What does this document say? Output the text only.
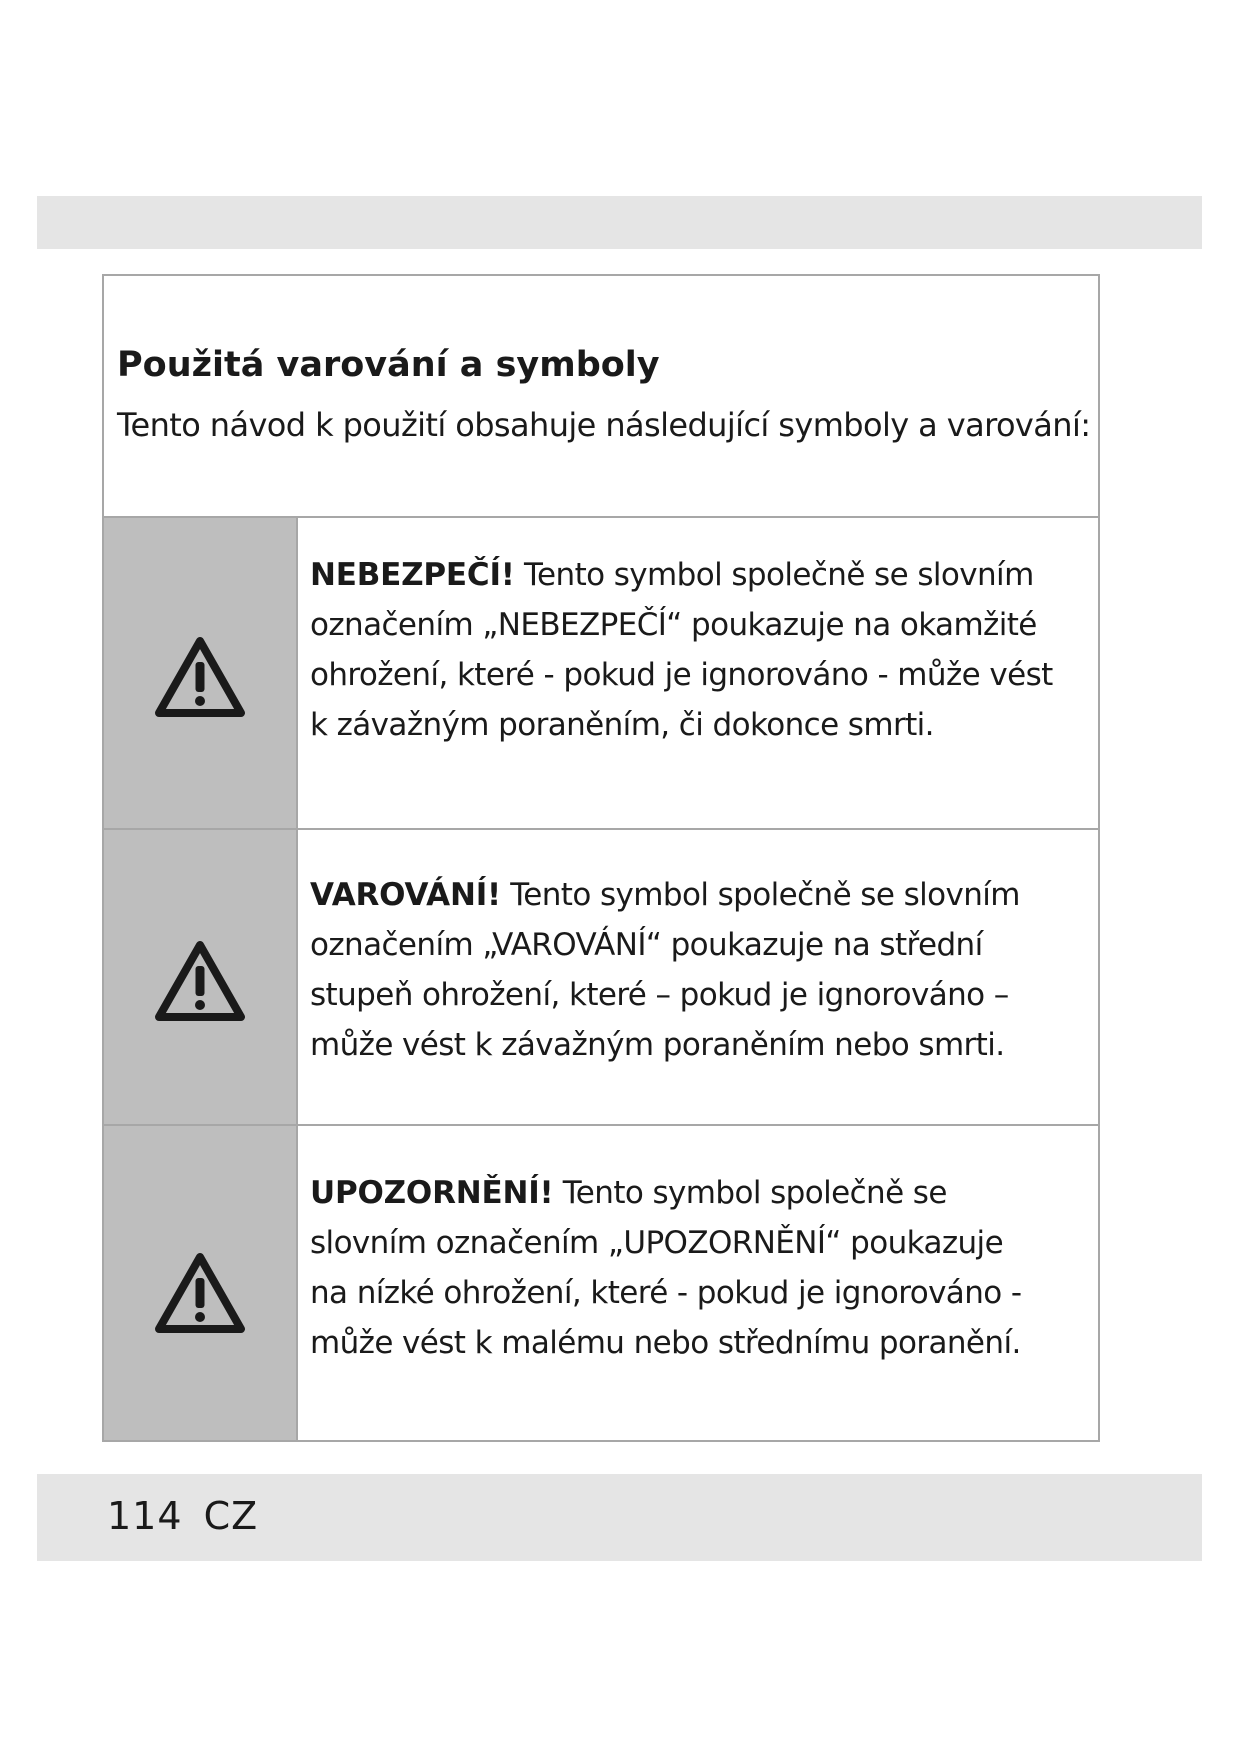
Použitá varování a symboly

Tento návod k použití obsahuje následující symboly a varování:

NEBEZPEČÍ! Tento symbol společně se slovním
označením „NEBEZPEČÍ“ poukazuje na okamžité
ohrožení, které - pokud je ignorováno - může vést
k závažným poraněním, či dokonce smrti.

VAROVÁNÍ! Tento symbol společně se slovním
označením „VAROVÁNÍ“ poukazuje na střední
stupeň ohrožení, které – pokud je ignorováno –
může vést k závažným poraněním nebo smrti.

UPOZORNĚNÍ! Tento symbol společně se
slovním označením „UPOZORNĚNÍ“ poukazuje
na nízké ohrožení, které - pokud je ignorováno -
může vést k malému nebo střednímu poranění.

114 CZ
